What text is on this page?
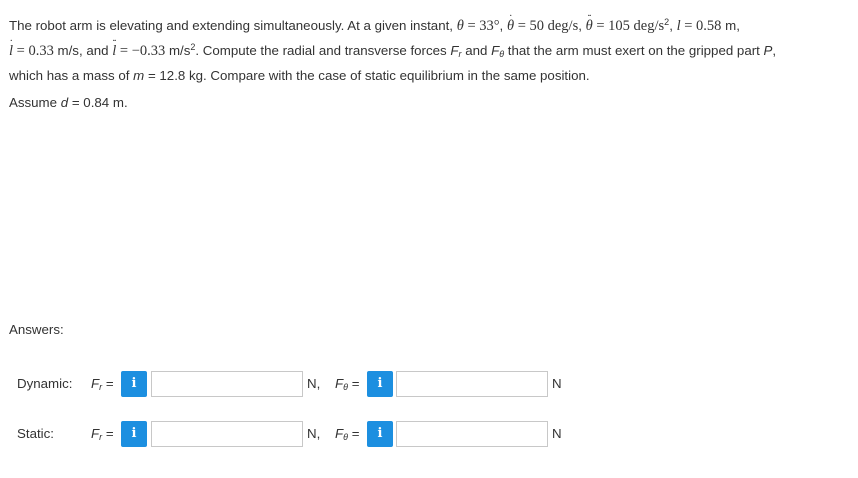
The robot arm is elevating and extending simultaneously. At a given instant, θ = 33°,
.
θ = 50 deg/s,
..
θ = 105 deg/$s^2$, l = 0.58 m,

.
l = 0.33 m/s, and
..
l = −0.33 $m/s^2$. Compute the radial and transverse forces $F_r$ and $F_\theta$ that the arm must exert on the gripped part P,

which has a mass of m = 12.8 kg. Compare with the case of static equilibrium in the same position.

Assume d = 0.84 m.
Answers:
Dynamic: $F_r$ =	i	N, $F_\theta$ =	i	N
Static:	$F_r$ =	i	N, $F_\theta$ =	i	N
